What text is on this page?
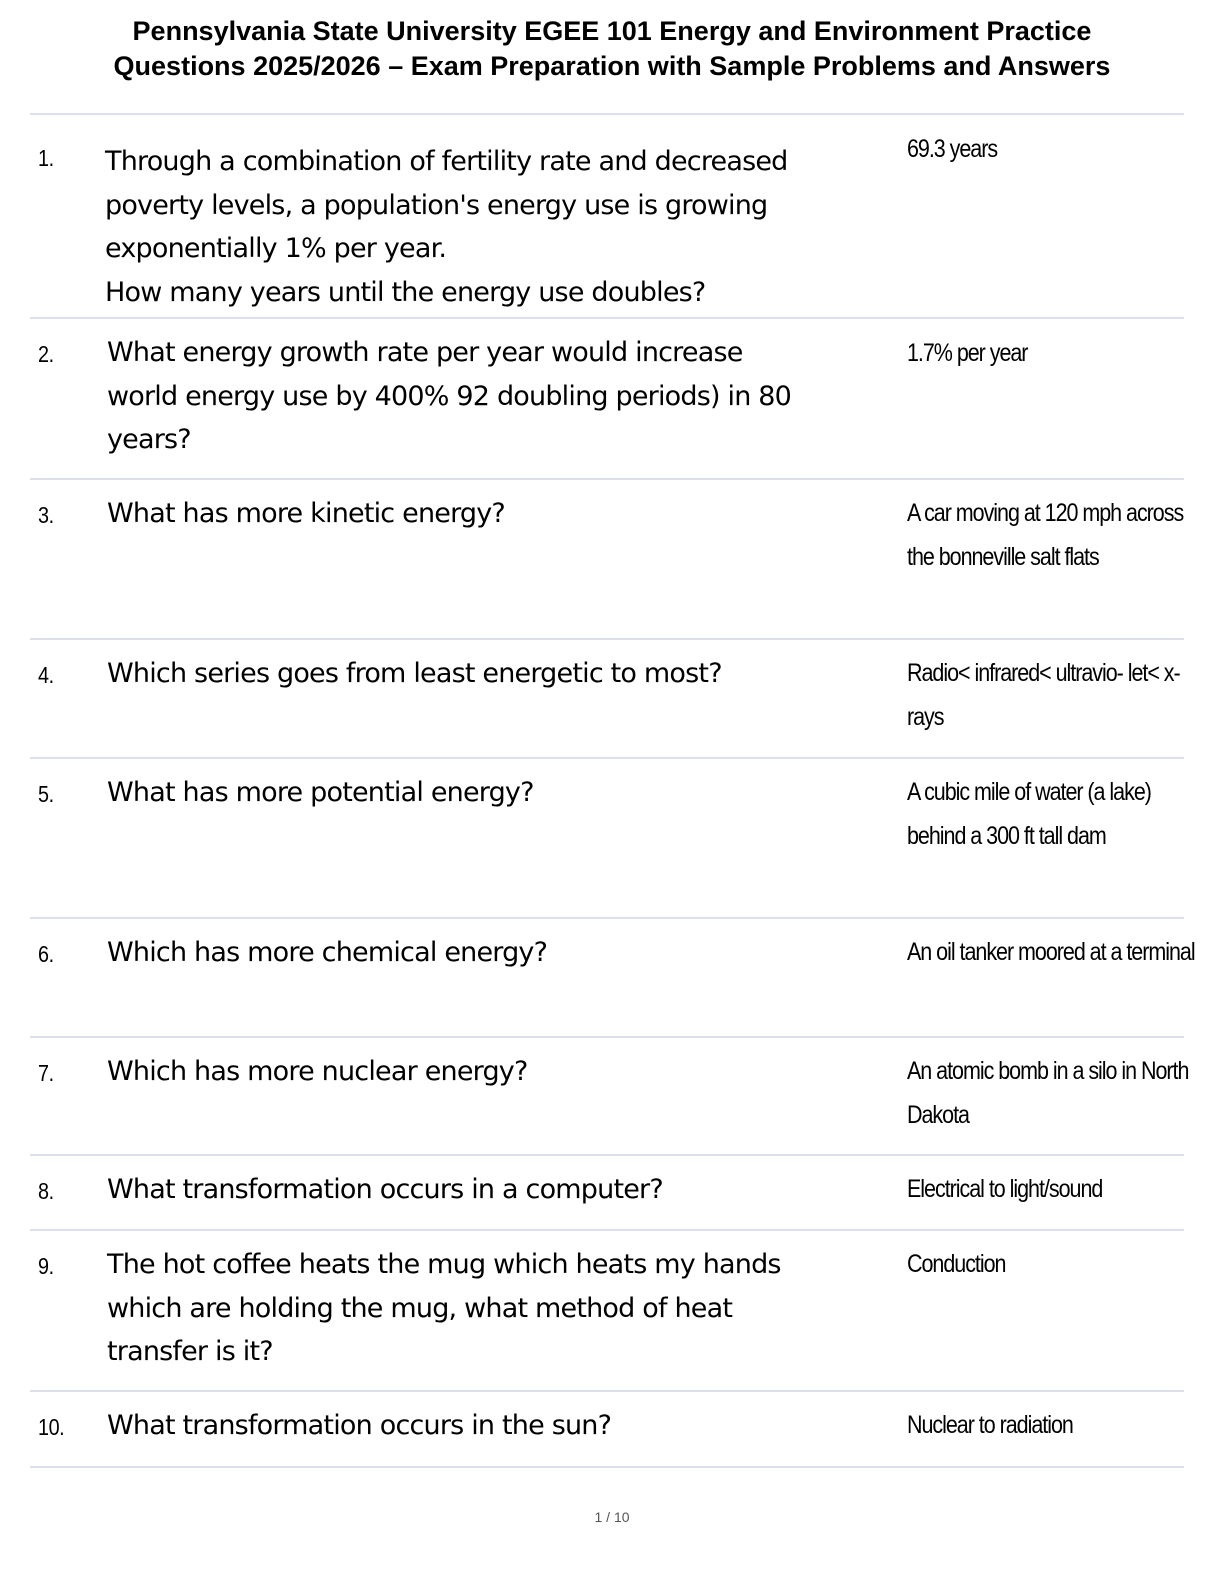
Pennsylvania State University EGEE 101 Energy and Environment Practice
Questions 2025/2026 – Exam Preparation with Sample Problems and Answers
1. Through a combination of fertility rate and decreased
poverty levels, a population's energy use is growing
exponentially 1% per year.
How many years until the energy use doubles?
69.3 years
2. What energy growth rate per year would increase
world energy use by 400% 92 doubling periods) in 80
years?
1.7% per year
3. What has more kinetic energy?	A car moving at 120 mph across the bonneville salt flats
4. Which series goes from least energetic to most?	Radio< infrared< ultravio- let< x-rays
5. What has more potential energy?	A cubic mile of water (a lake) behind a 300 ft tall dam
6. Which has more chemical energy?	An oil tanker moored at a terminal
7. Which has more nuclear energy?	An atomic bomb in a silo in North Dakota
8. What transformation occurs in a computer?	Electrical to light/sound
9. The hot coffee heats the mug which heats my hands
which are holding the mug, what method of heat
transfer is it?
Conduction
10. What transformation occurs in the sun?	Nuclear to radiation
1 / 10
